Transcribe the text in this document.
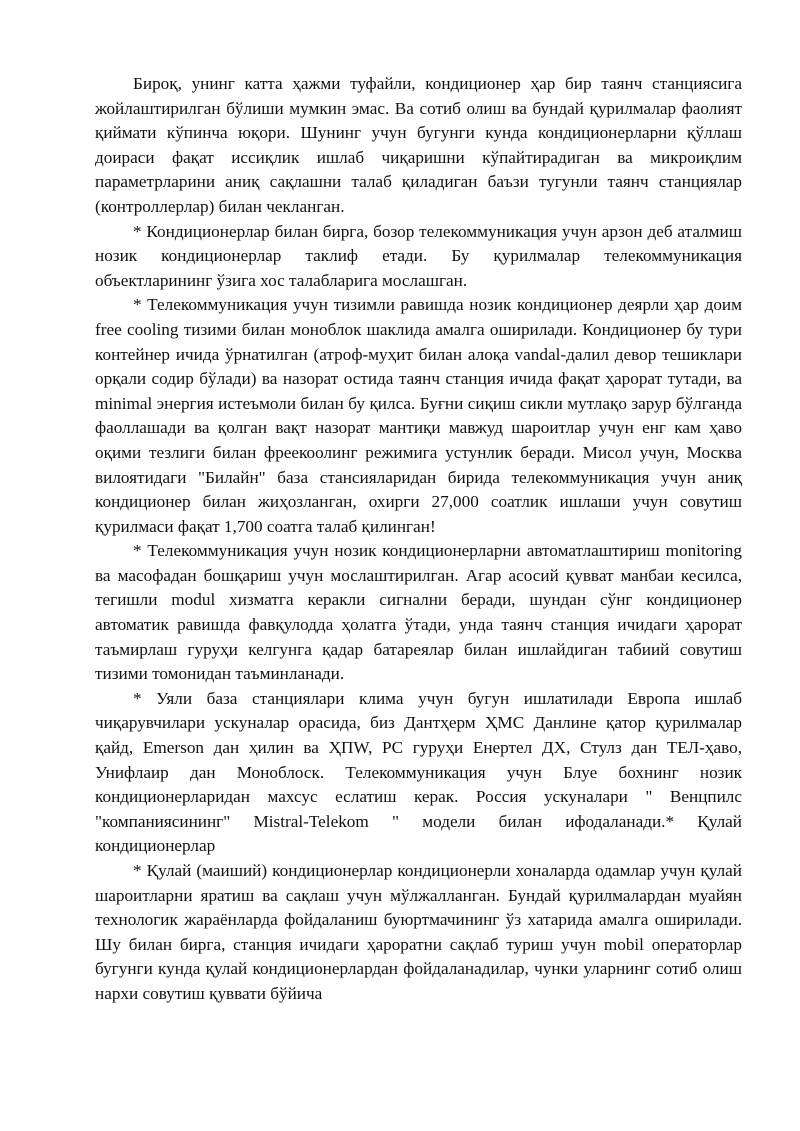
Бироқ, унинг катта ҳажми туфайли, кондиционер ҳар бир таянч станциясига жойлаштирилган бўлиши мумкин эмас. Ва сотиб олиш ва бундай қурилмалар фаолият қиймати кўпинча юқори. Шунинг учун бугунги кунда кондиционерларни қўллаш доираси фақат иссиқлик ишлаб чиқаришни кўпайтирадиган ва микроиқлим параметрларини аниқ сақлашни талаб қиладиган баъзи тугунли таянч станциялар (контроллерлар) билан чекланган.

* Кондиционерлар билан бирга, бозор телекоммуникация учун арзон деб аталмиш нозик кондиционерлар таклиф етади. Бу қурилмалар телекоммуникация объектларининг ўзига хос талабларига мослашган.

* Телекоммуникация учун тизимли равишда нозик кондиционер деярли ҳар доим free cooling тизими билан моноблок шаклида амалга оширилади. Кондиционер бу тури контейнер ичида ўрнатилган (атроф-муҳит билан алоқа vandal-далил девор тешиклари орқали содир бўлади) ва назорат остида таянч станция ичида фақат ҳарорат тутади, ва minimal энергия истеъмоли билан бу қилса. Буғни сиқиш сикли мутлақо зарур бўлганда фаоллашади ва қолган вақт назорат мантиқи мавжуд шароитлар учун енг кам ҳаво оқими тезлиги билан фреекоолинг режимига устунлик беради. Мисол учун, Москва вилоятидаги "Билайн" база стансияларидан бирида телекоммуникация учун аниқ кондиционер билан жиҳозланган, охирги 27,000 соатлик ишлаши учун совутиш қурилмаси фақат 1,700 соатга талаб қилинган!

* Телекоммуникация учун нозик кондиционерларни автоматлаштириш monitoring ва масофадан бошқариш учун мослаштирилган. Агар асосий қувват манбаи кесилса, тегишли modul хизматга керакли сигнални беради, шундан сўнг кондиционер автоматик равишда фавқулодда ҳолатга ўтади, унда таянч станция ичидаги ҳарорат таъмирлаш гуруҳи келгунга қадар батареялар билан ишлайдиган табиий совутиш тизими томонидан таъминланади.

* Уяли база станциялари клима учун бугун ишлатилади Европа ишлаб чиқарувчилари ускуналар орасида, биз Дантҳерм ҲМС Данлине қатор қурилмалар қайд, Emerson дан ҳилин ва ҲПW, PC гуруҳи Енертел ДХ, Стулз дан ТЕЛ-ҳаво, Унифлаир дан Моноблоск. Телекоммуникация учун Блуе бохнинг нозик кондиционерларидан махсус еслатиш керак. Россия ускуналари " Венцпилс "компаниясининг" Mistral-Telekom " модели билан ифодаланади.* Қулай кондиционерлар

* Қулай (маиший) кондиционерлар кондиционерли хоналарда одамлар учун қулай шароитларни яратиш ва сақлаш учун мўлжалланган. Бундай қурилмалардан муайян технологик жараёнларда фойдаланиш буюртмачининг ўз хатарида амалга оширилади. Шу билан бирга, станция ичидаги ҳароратни сақлаб туриш учун mobil операторлар бугунги кунда қулай кондиционерлардан фойдаланадилар, чунки уларнинг сотиб олиш нархи совутиш қуввати бўйича
